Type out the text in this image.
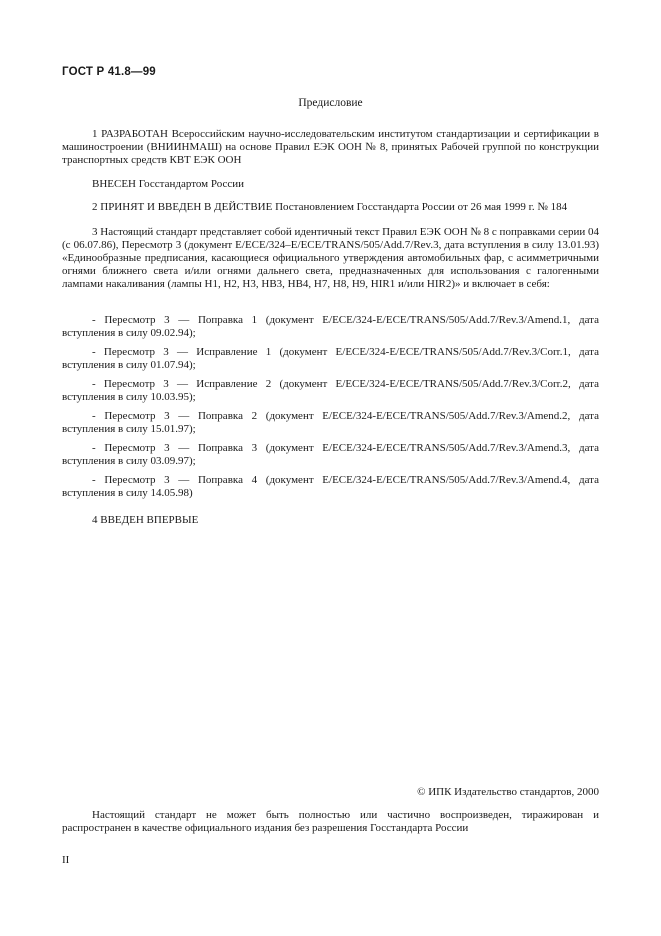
ГОСТ Р 41.8—99
Предисловие

1 РАЗРАБОТАН Всероссийским научно-исследовательским институтом стандартизации и сертификации в машиностроении (ВНИИНМАШ) на основе Правил ЕЭК ООН № 8, принятых Рабочей группой по конструкции транспортных средств КВТ ЕЭК ООН

ВНЕСЕН Госстандартом России

2 ПРИНЯТ И ВВЕДЕН В ДЕЙСТВИЕ Постановлением Госстандарта России от 26 мая 1999 г. № 184

3 Настоящий стандарт представляет собой идентичный текст Правил ЕЭК ООН № 8 с поправками серии 04 (с 06.07.86), Пересмотр 3 (документ E/ECE/324–E/ECE/TRANS/505/Add.7/Rev.3, дата вступления в силу 13.01.93) «Единообразные предписания, касающиеся официального утверждения автомобильных фар, с асимметричными огнями ближнего света и/или огнями дальнего света, предназначенных для использования с галогенными лампами накаливания (лампы H1, H2, H3, HB3, HB4, H7, H8, H9, HIR1 и/или HIR2)» и включает в себя:

- Пересмотр 3 — Поправка 1 (документ E/ECE/324-E/ECE/TRANS/505/Add.7/Rev.3/Amend.1, дата вступления в силу 09.02.94);

- Пересмотр 3 — Исправление 1 (документ E/ECE/324-E/ECE/TRANS/505/Add.7/Rev.3/Corr.1, дата вступления в силу 01.07.94);

- Пересмотр 3 — Исправление 2 (документ E/ECE/324-E/ECE/TRANS/505/Add.7/Rev.3/Corr.2, дата вступления в силу 10.03.95);

- Пересмотр 3 — Поправка 2 (документ E/ECE/324-E/ECE/TRANS/505/Add.7/Rev.3/Amend.2, дата вступления в силу 15.01.97);

- Пересмотр 3 — Поправка 3 (документ E/ECE/324-E/ECE/TRANS/505/Add.7/Rev.3/Amend.3, дата вступления в силу 03.09.97);

- Пересмотр 3 — Поправка 4 (документ E/ECE/324-E/ECE/TRANS/505/Add.7/Rev.3/Amend.4, дата вступления в силу 14.05.98)

4 ВВЕДЕН ВПЕРВЫЕ

© ИПК Издательство стандартов, 2000
Настоящий стандарт не может быть полностью или частично воспроизведен, тиражирован и распространен в качестве официального издания без разрешения Госстандарта России
II
